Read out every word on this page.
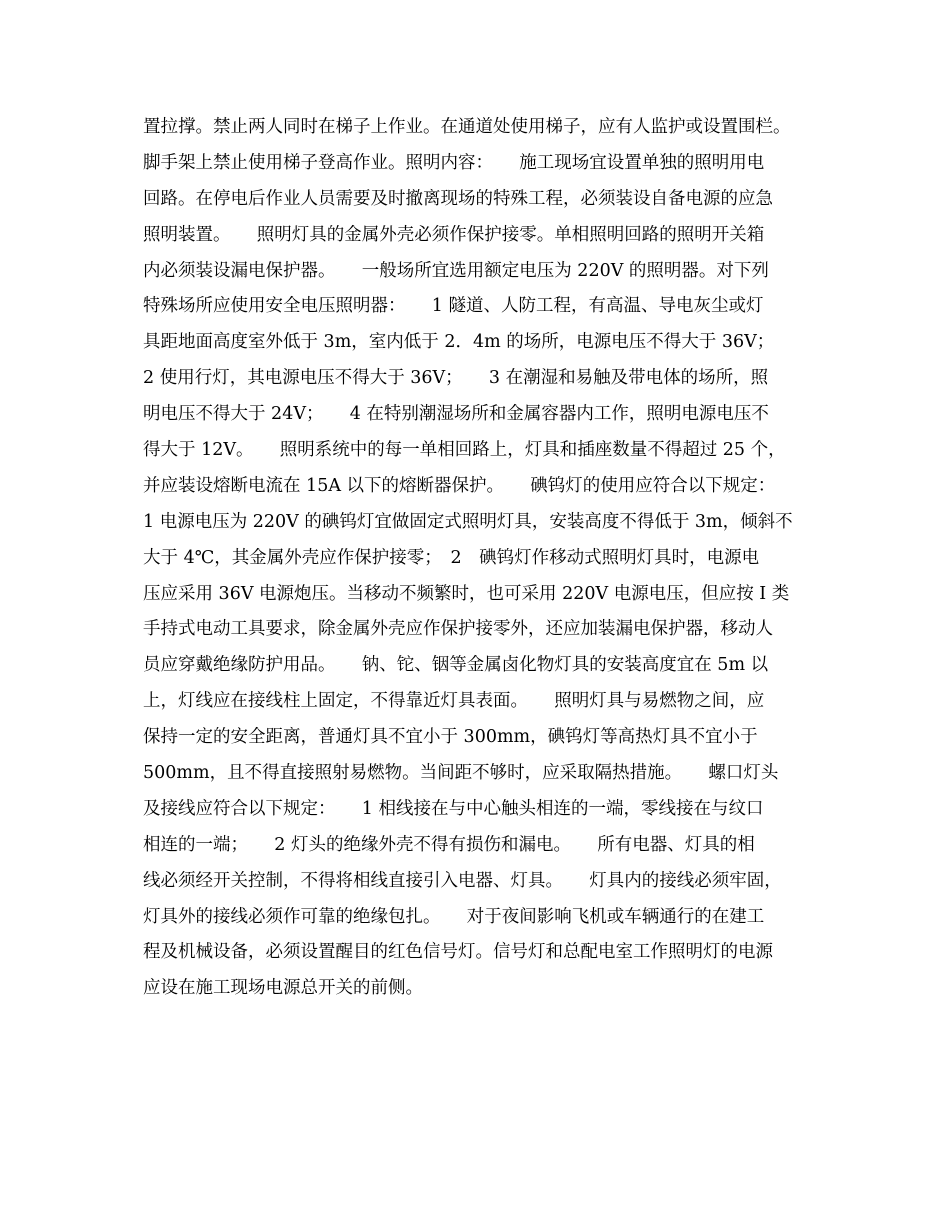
置拉撑。禁止两人同时在梯子上作业。在通道处使用梯子，应有人监护或设置围栏。
脚手架上禁止使用梯子登高作业。照明内容：　　施工现场宜设置单独的照明用电
回路。在停电后作业人员需要及时撤离现场的特殊工程，必须装设自备电源的应急
照明装置。　　照明灯具的金属外壳必须作保护接零。单相照明回路的照明开关箱
内必须装设漏电保护器。　　一般场所宜选用额定电压为 220V 的照明器。对下列
特殊场所应使用安全电压照明器：　　1 隧道、人防工程，有高温、导电灰尘或灯
具距地面高度室外低于 3m，室内低于 2．4m 的场所，电源电压不得大于 36V；
2 使用行灯，其电源电压不得大于 36V；　　3 在潮湿和易触及带电体的场所，照
明电压不得大于 24V；　　4 在特别潮湿场所和金属容器内工作，照明电源电压不
得大于 12V。　　照明系统中的每一单相回路上，灯具和插座数量不得超过 25 个，
并应装设熔断电流在 15A 以下的熔断器保护。　　碘钨灯的使用应符合以下规定：
1 电源电压为 220V 的碘钨灯宜做固定式照明灯具，安装高度不得低于 3m，倾斜不
大于 4℃，其金属外壳应作保护接零；　2　碘钨灯作移动式照明灯具时，电源电
压应采用 36V 电源炮压。当移动不频繁时，也可采用 220V 电源电压，但应按 I 类
手持式电动工具要求，除金属外壳应作保护接零外，还应加装漏电保护器，移动人
员应穿戴绝缘防护用品。　　钠、铊、铟等金属卤化物灯具的安装高度宜在 5m 以
上，灯线应在接线柱上固定，不得靠近灯具表面。　　照明灯具与易燃物之间，应
保持一定的安全距离，普通灯具不宜小于 300mm，碘钨灯等高热灯具不宜小于
500mm，且不得直接照射易燃物。当间距不够时，应采取隔热措施。　　螺口灯头
及接线应符合以下规定：　　1 相线接在与中心触头相连的一端，零线接在与纹口
相连的一端；　　2 灯头的绝缘外壳不得有损伤和漏电。　　所有电器、灯具的相
线必须经开关控制，不得将相线直接引入电器、灯具。　　灯具内的接线必须牢固，
灯具外的接线必须作可靠的绝缘包扎。　　对于夜间影响飞机或车辆通行的在建工
程及机械设备，必须设置醒目的红色信号灯。信号灯和总配电室工作照明灯的电源
应设在施工现场电源总开关的前侧。
